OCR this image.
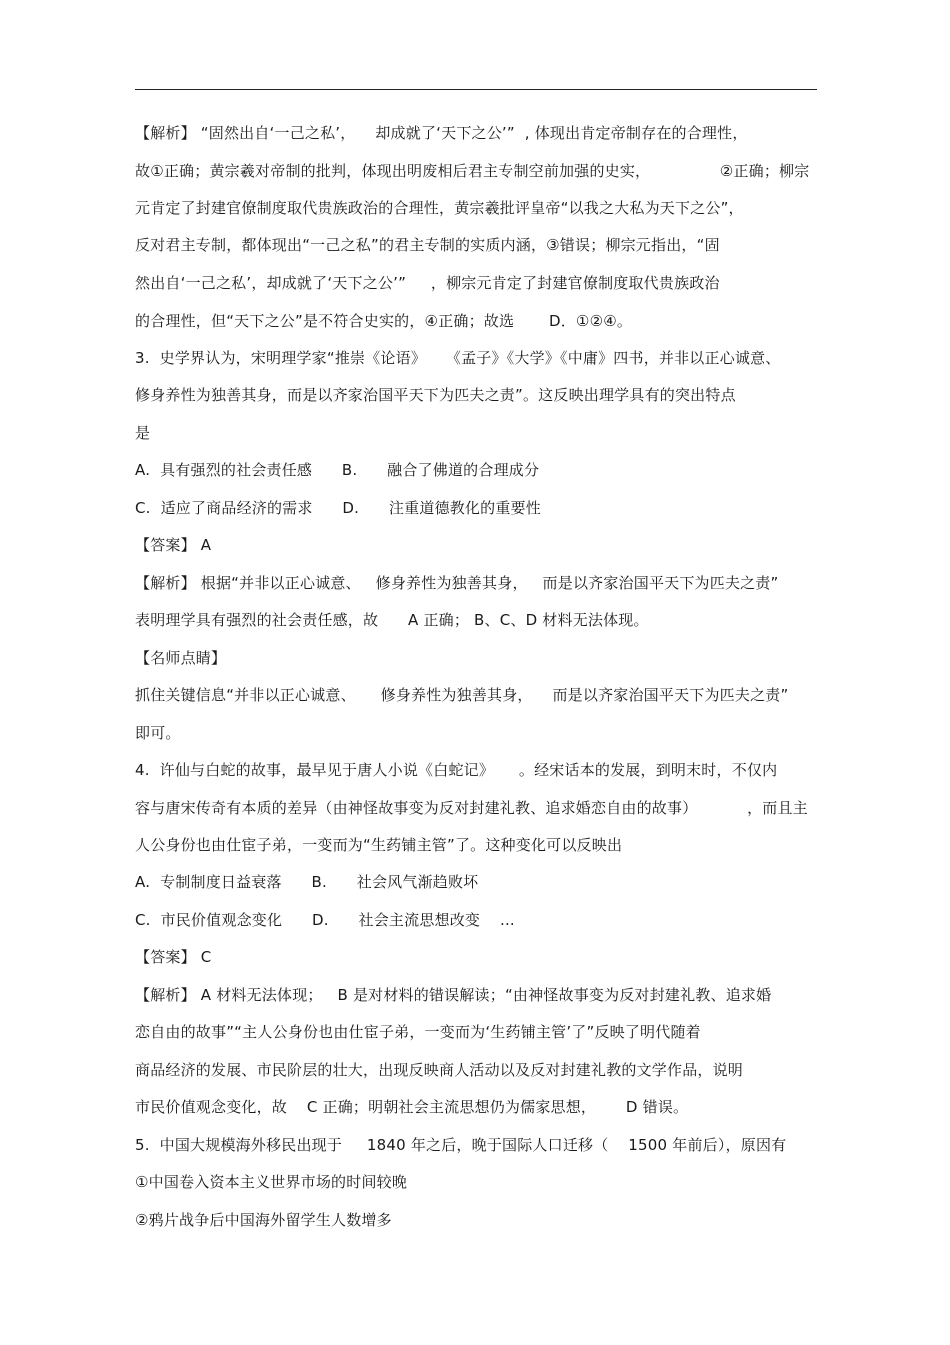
【解析】 “固然出自‘一己之私’，    却成就了‘天下之公’”  , 体现出肯定帝制存在的合理性，
故①正确；黄宗羲对帝制的批判，体现出明废相后君主专制空前加强的史实，              ②正确；柳宗
元肯定了封建官僚制度取代贵族政治的合理性，黄宗羲批评皇帝“以我之大私为天下之公”，
反对君主专制，都体现出“一己之私”的君主专制的实质内涵，③错误；柳宗元指出，“固
然出自‘一己之私’，却成就了‘天下之公’”     ，柳宗元肯定了封建官僚制度取代贵族政治
的合理性，但“天下之公”是不符合史实的，④正确；故选       D．①②④。
3.  史学界认为，宋明理学家“推崇《论语》    《孟子》《大学》《中庸》四书，并非以正心诚意、
修身养性为独善其身，而是以齐家治国平天下为匹夫之责”。这反映出理学具有的突出特点
是
A.  具有强烈的社会责任感      B.      融合了佛道的合理成分
C.  适应了商品经济的需求      D.      注重道德教化的重要性
【答案】 A
【解析】 根据“并非以正心诚意、   修身养性为独善其身，   而是以齐家治国平天下为匹夫之责”
表明理学具有强烈的社会责任感，故      A 正确； B、C、D 材料无法体现。
【名师点睛】
抓住关键信息“并非以正心诚意、     修身养性为独善其身，    而是以齐家治国平天下为匹夫之责”
即可。
4.  许仙与白蛇的故事，最早见于唐人小说《白蛇记》     。经宋话本的发展，到明末时，不仅内
容与唐宋传奇有本质的差异（由神怪故事变为反对封建礼教、追求婚恋自由的故事）          ，而且主
人公身份也由仕宦子弟，一变而为“生药铺主管”了。这种变化可以反映出
A.  专制制度日益衰落      B.      社会风气渐趋败坏
C.  市民价值观念变化      D.      社会主流思想改变    ...
【答案】 C
【解析】 A 材料无法体现；   B 是对材料的错误解读；“由神怪故事变为反对封建礼教、追求婚
恋自由的故事”“主人公身份也由仕宦子弟，一变而为‘生药铺主管’了”反映了明代随着
商品经济的发展、市民阶层的壮大，出现反映商人活动以及反对封建礼教的文学作品，说明
市民价值观念变化，故    C 正确；明朝社会主流思想仍为儒家思想，      D 错误。
5.  中国大规模海外移民出现于     1840 年之后，晚于国际人口迁移（    1500 年前后），原因有
①中国卷入资本主义世界市场的时间较晚
②鸦片战争后中国海外留学生人数增多
